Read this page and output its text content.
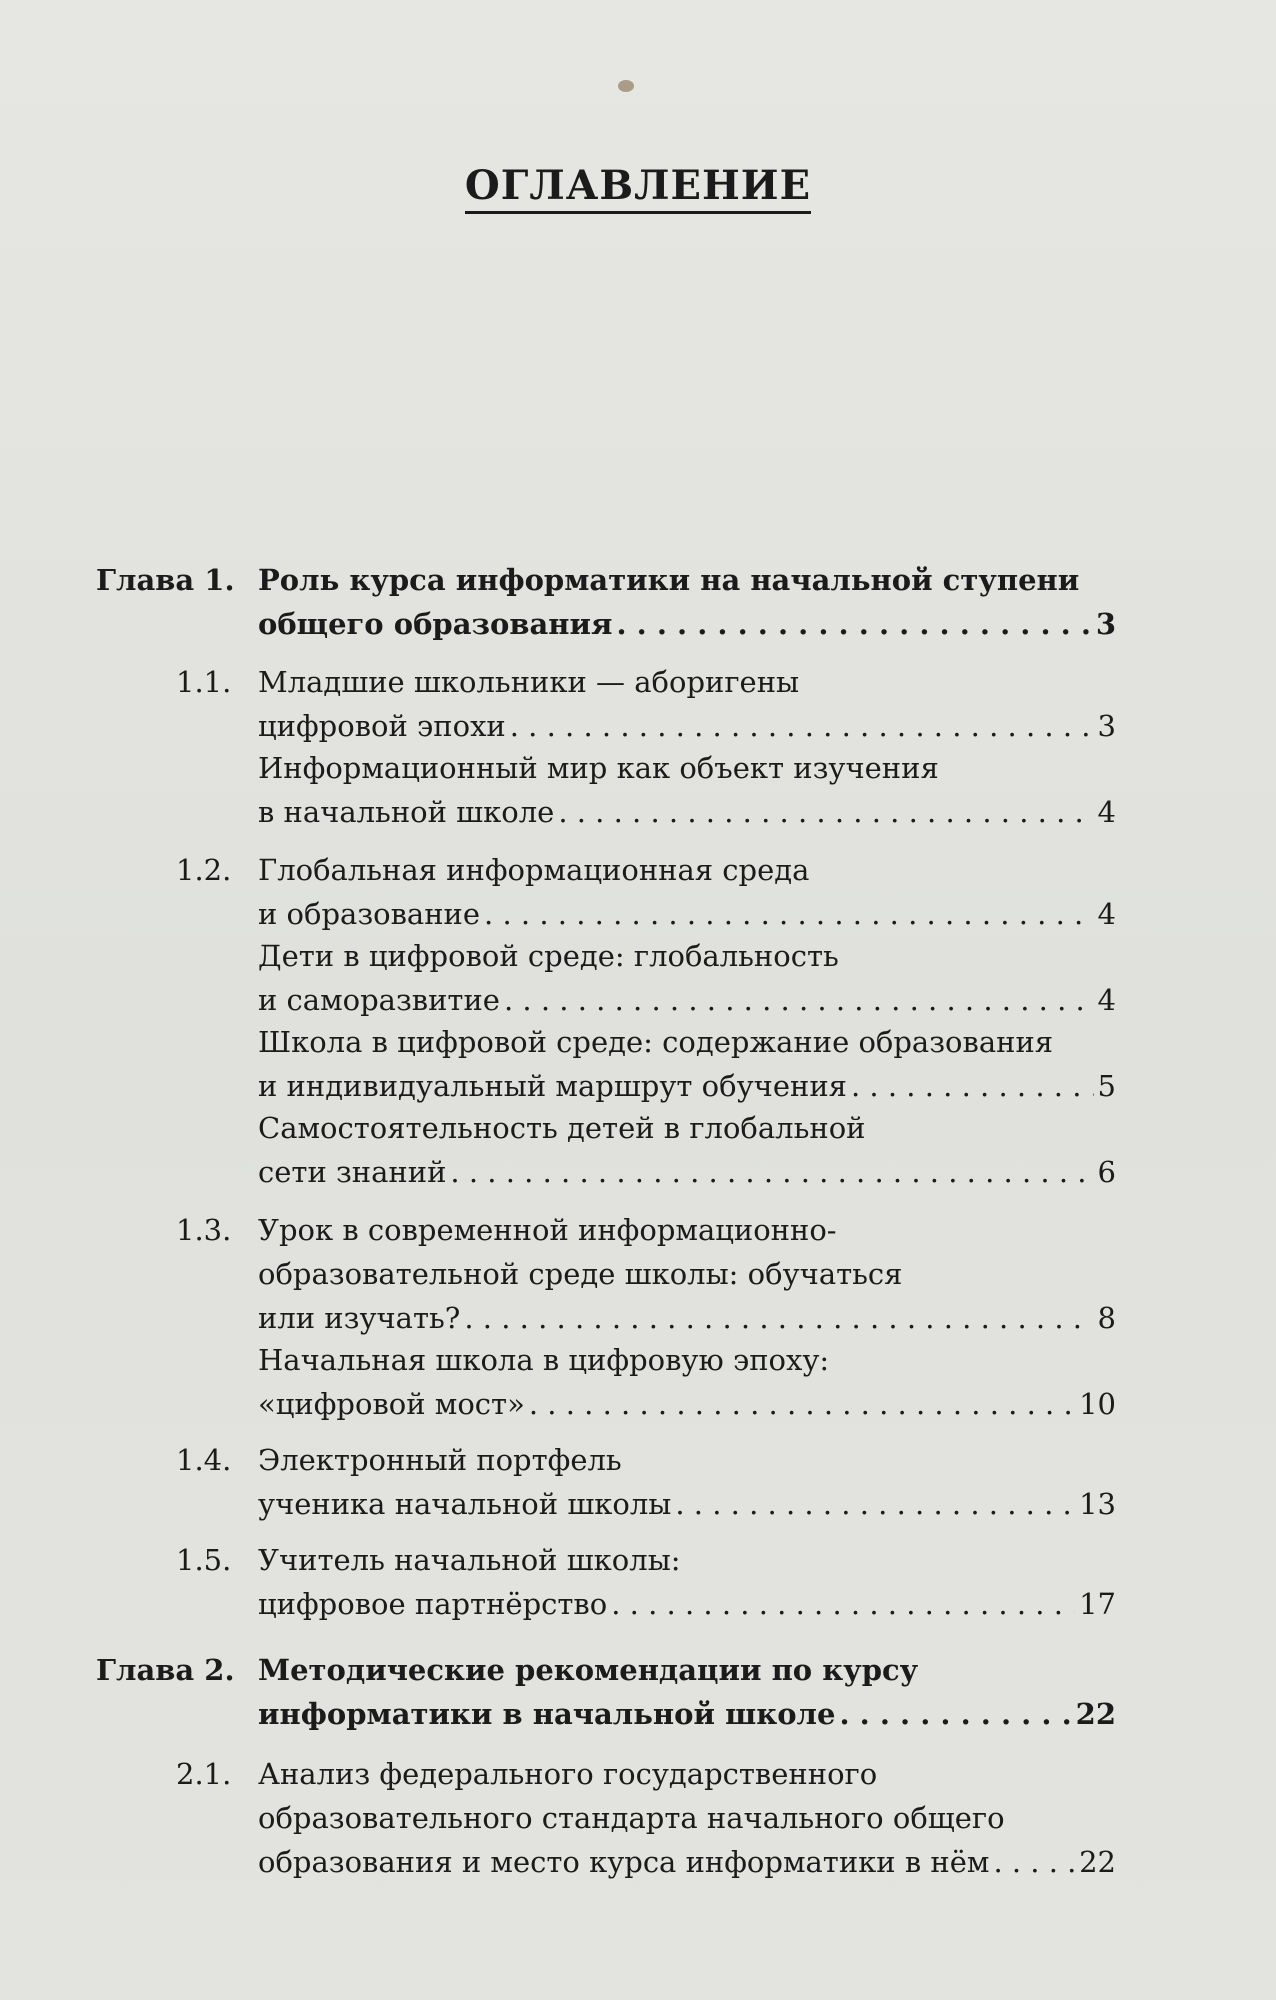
ОГЛАВЛЕНИЕ
Глава 1. Роль курса информатики на начальной ступени
общего образования . . .	3
1.1. Младшие школьники — аборигены
цифровой эпохи . . .	3
Информационный мир как объект изучения
в начальной школе . . .	4
1.2. Глобальная информационная среда
и образование . . .	4
Дети в цифровой среде: глобальность
и саморазвитие . . .	4
Школа в цифровой среде: содержание образования
и индивидуальный маршрут обучения . . .	5
Самостоятельность детей в глобальной
сети знаний . . .	6
1.3. Урок в современной информационно-
образовательной среде школы: обучаться
или изучать? . . .	8
Начальная школа в цифровую эпоху:
«цифровой мост» . . .	10
1.4. Электронный портфель
ученика начальной школы . . .	13
1.5. Учитель начальной школы:
цифровое партнёрство . . .	17
Глава 2. Методические рекомендации по курсу
информатики в начальной школе . . .	22
2.1. Анализ федерального государственного
образовательного стандарта начального общего
образования и место курса информатики в нём . . .	22
